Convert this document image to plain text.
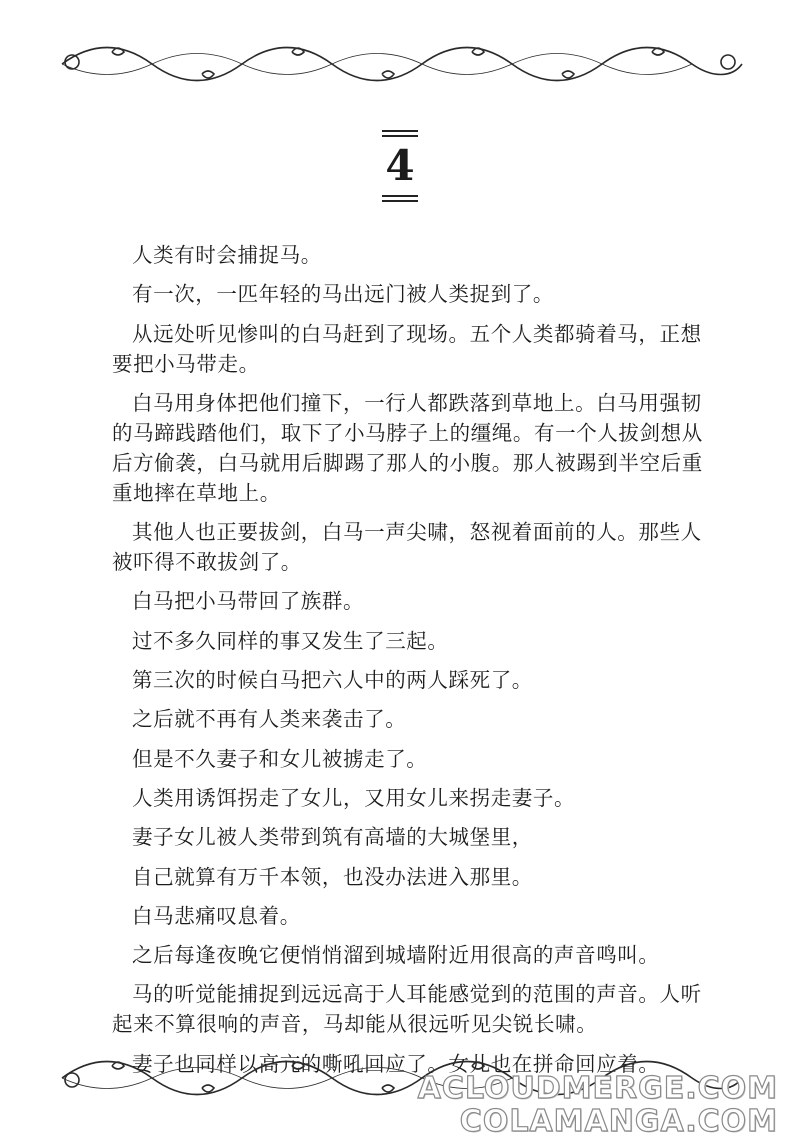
4

人类有时会捕捉马。

有一次，一匹年轻的马出远门被人类捉到了。

从远处听见惨叫的白马赶到了现场。五个人类都骑着马，正想要把小马带走。

白马用身体把他们撞下，一行人都跌落到草地上。白马用强韧的马蹄践踏他们，取下了小马脖子上的缰绳。有一个人拔剑想从后方偷袭，白马就用后脚踢了那人的小腹。那人被踢到半空后重重地摔在草地上。

其他人也正要拔剑，白马一声尖啸，怒视着面前的人。那些人被吓得不敢拔剑了。

白马把小马带回了族群。

过不多久同样的事又发生了三起。

第三次的时候白马把六人中的两人踩死了。

之后就不再有人类来袭击了。

但是不久妻子和女儿被掳走了。

人类用诱饵拐走了女儿，又用女儿来拐走妻子。

妻子女儿被人类带到筑有高墙的大城堡里，

自己就算有万千本领，也没办法进入那里。

白马悲痛叹息着。

之后每逢夜晚它便悄悄溜到城墙附近用很高的声音鸣叫。

马的听觉能捕捉到远远高于人耳能感觉到的范围的声音。人听起来不算很响的声音，马却能从很远听见尖锐长啸。

妻子也同样以高亢的嘶吼回应了。女儿也在拼命回应着。

ACLOUDMERGE.COM
COLAMANGA.COM
